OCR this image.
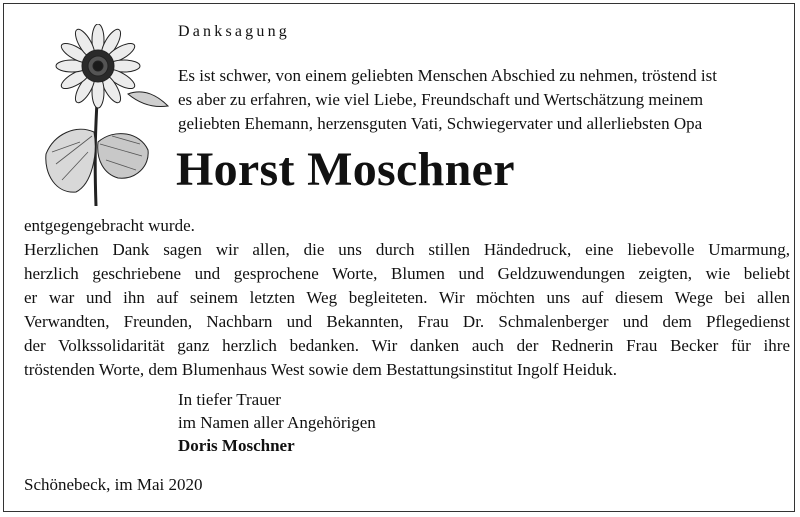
Danksagung
Es ist schwer, von einem geliebten Menschen Abschied zu nehmen, tröstend ist
es aber zu erfahren, wie viel Liebe, Freundschaft und Wertschätzung meinem
geliebten Ehemann, herzensguten Vati, Schwiegervater und allerliebsten Opa
Horst Moschner
entgegengebracht wurde.
Herzlichen Dank sagen wir allen, die uns durch stillen Händedruck, eine liebevolle Umarmung,
herzlich geschriebene und gesprochene Worte, Blumen und Geldzuwendungen zeigten, wie beliebt
er war und ihn auf seinem letzten Weg begleiteten. Wir möchten uns auf diesem Wege bei allen
Verwandten, Freunden, Nachbarn und Bekannten, Frau Dr. Schmalenberger und dem Pflegedienst
der Volkssolidarität ganz herzlich bedanken. Wir danken auch der Rednerin Frau Becker für ihre
tröstenden Worte, dem Blumenhaus West sowie dem Bestattungsinstitut Ingolf Heiduk.
In tiefer Trauer
im Namen aller Angehörigen
Doris Moschner
Schönebeck, im Mai 2020
